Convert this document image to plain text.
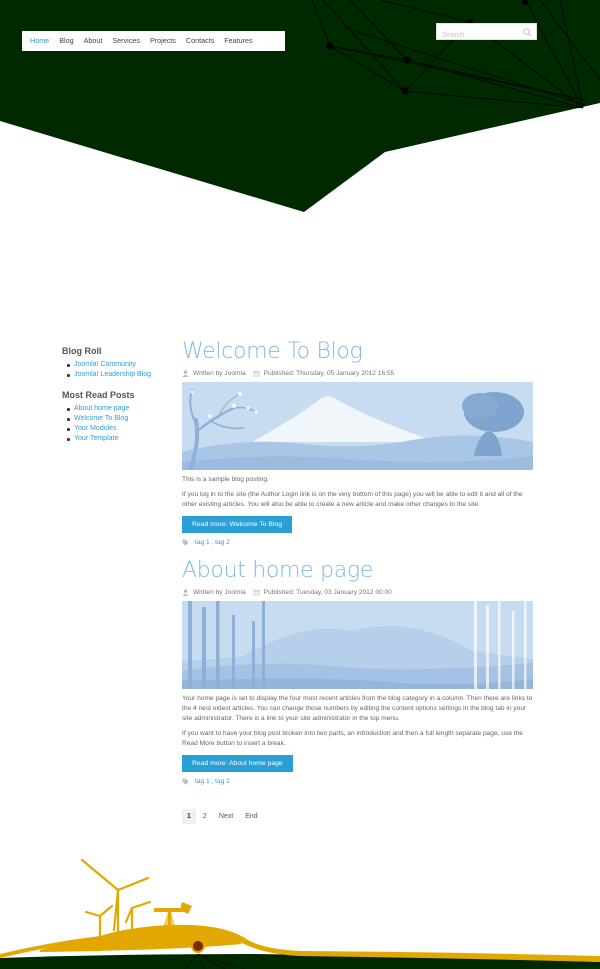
Home	Blog	About	Services	Projects	Contacts	Features
Search
Blog Roll
Joomla! Community
Joomla! Leadership Blog
Most Read Posts
About home page
Welcome To Blog
Your Modules
Your Template
Welcome To Blog
Written by Joomla	Published: Thursday, 05 January 2012 16:55

This is a sample blog posting.

If you log in to the site (the Author Login link is on the very bottom of this page) you will be able to edit it and all of the other existing articles. You will also be able to create a new article and make other changes to the site.

Read more: Welcome To Blog
tag 1 , tag 2
About home page
Written by Joomla	Published: Tuesday, 03 January 2012 00:00

Your home page is set to display the four most recent articles from the blog category in a column. Then there are links to the 4 nest oldest articles. You can change those numbers by editing the content options settings in the blog tab in your site administrator. There is a link to your site administrator in the top menu.

If you want to have your blog post broken into two parts, an introduction and then a full length separate page, use the Read More button to insert a break.

Read more: About home page
tag 1 , tag 2
1	2	Next	End
